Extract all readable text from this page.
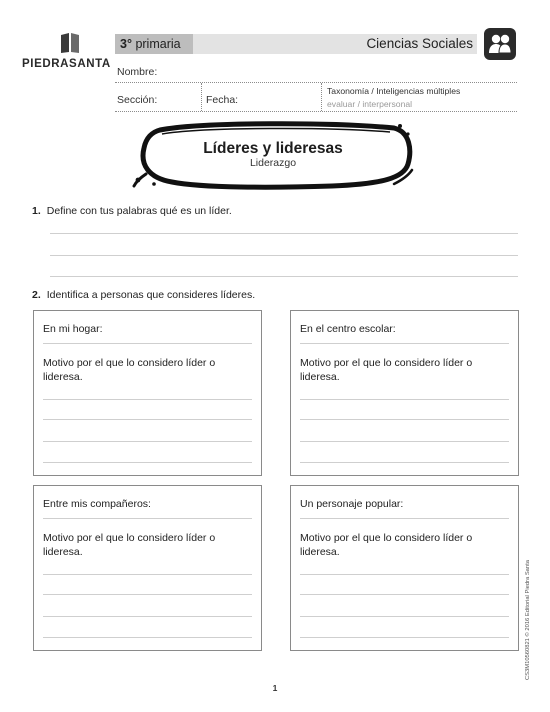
PIEDRASANTA
3° primaria	Ciencias Sociales
Nombre:
Sección:	Fecha:
Taxonomía / Inteligencias múltiples
evaluar / interpersonal
Líderes y lideresas
Liderazgo
1. Define con tus palabras qué es un líder.
2. Identifica a personas que consideres líderes.
En mi hogar:
Motivo por el que lo considero líder o lideresa.
En el centro escolar:
Motivo por el que lo considero líder o lideresa.
Entre mis compañeros:
Motivo por el que lo considero líder o lideresa.
Un personaje popular:
Motivo por el que lo considero líder o lideresa.
CS3M10560821 © 2016 Editorial Piedra Santa
1
